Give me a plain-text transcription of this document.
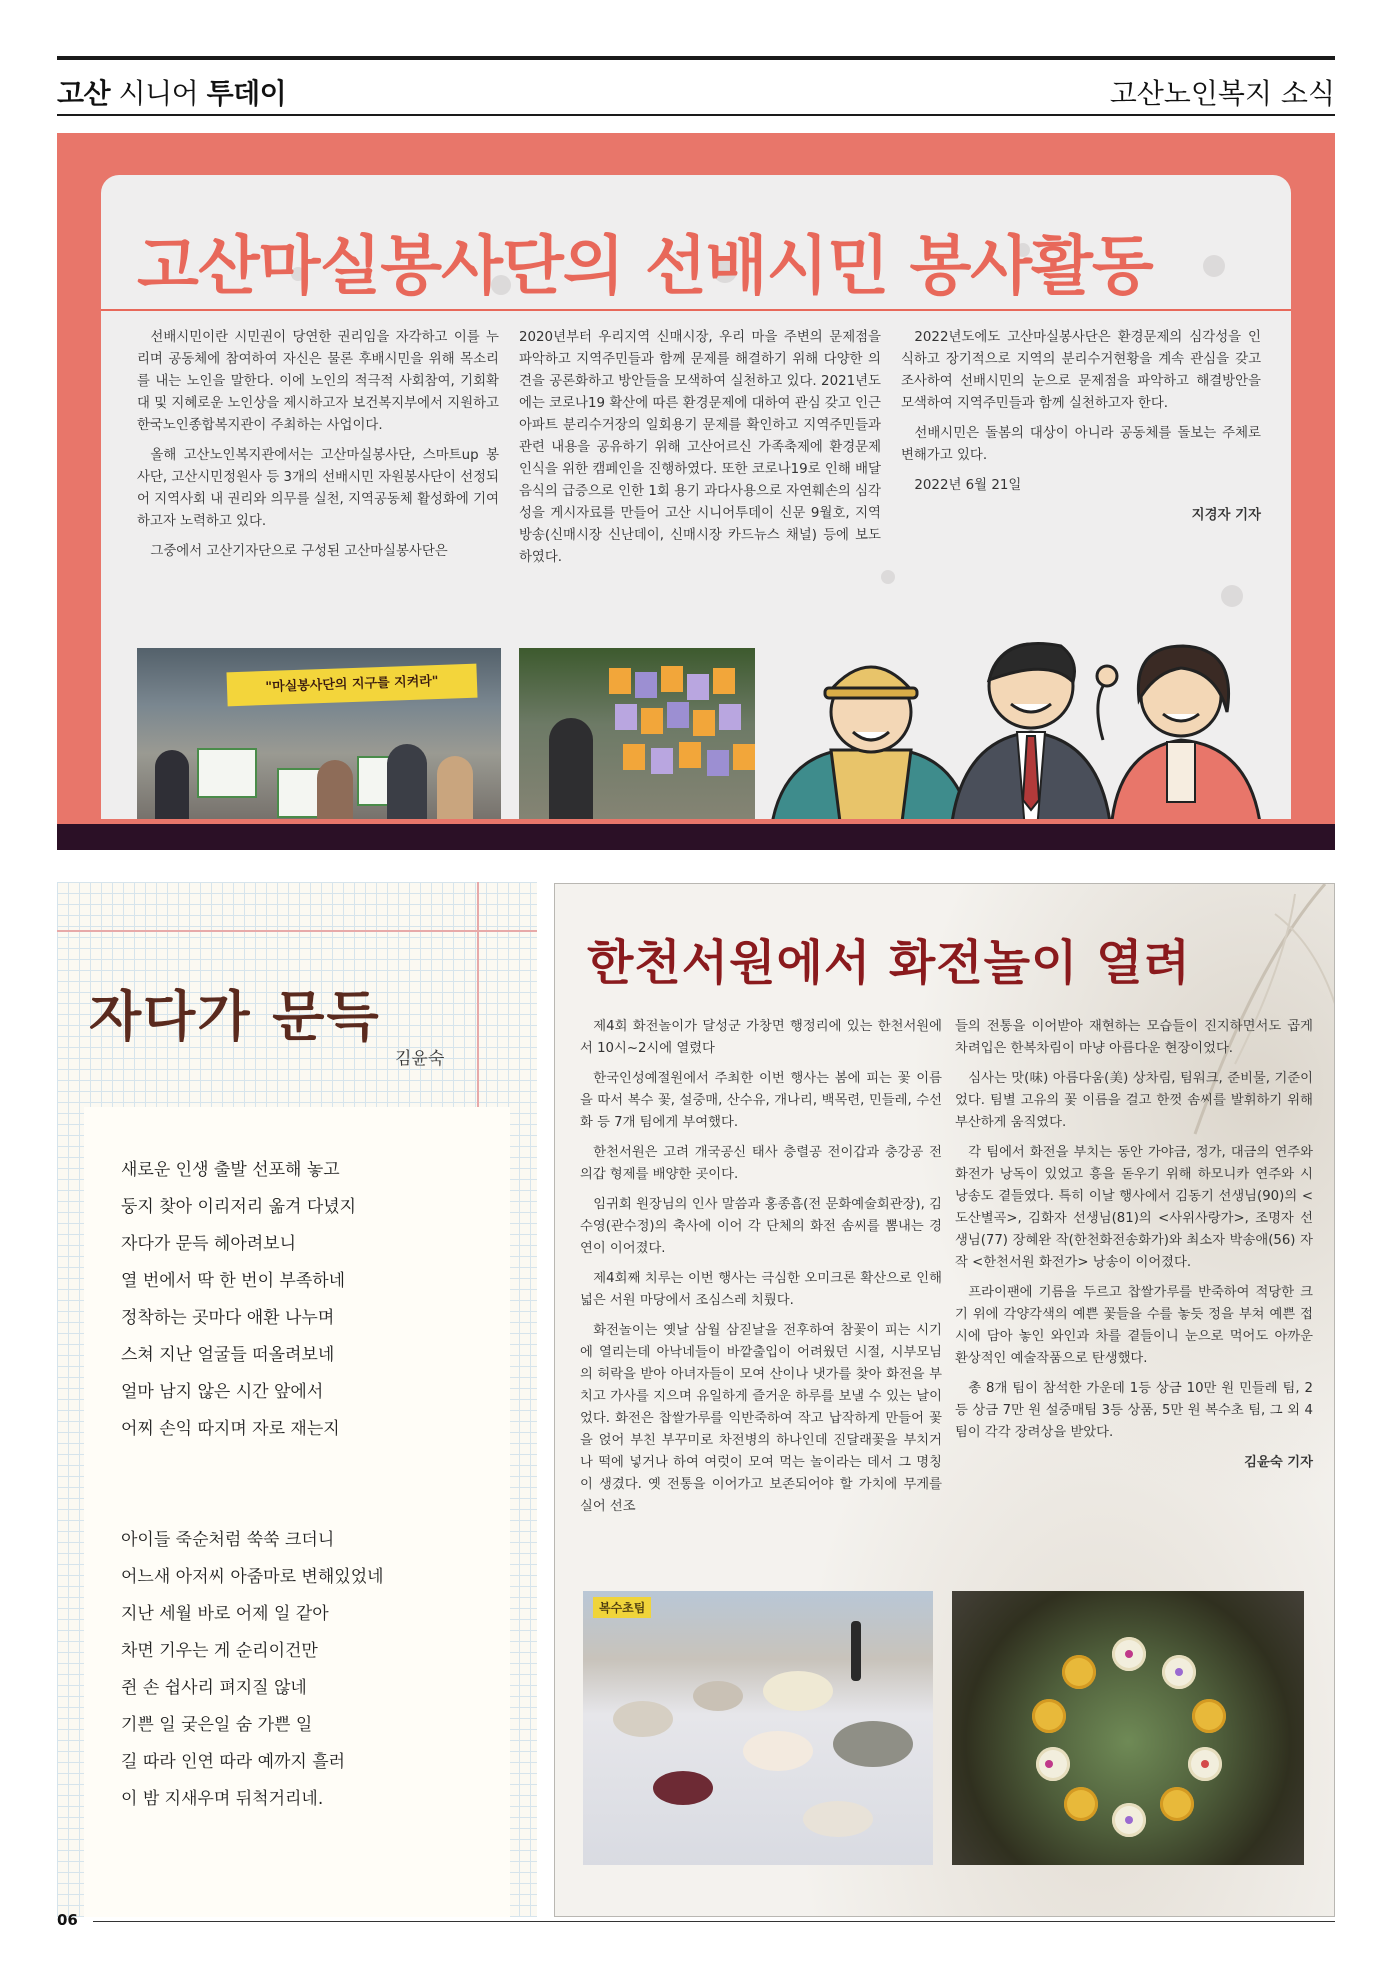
고산 시니어 투데이	고산노인복지 소식
고산마실봉사단의 선배시민 봉사활동

선배시민이란 시민권이 당연한 권리임을 자각하고 이를 누리며 공동체에 참여하여 자신은 물론 후배시민을 위해 목소리를 내는 노인을 말한다. 이에 노인의 적극적 사회참여, 기회확대 및 지혜로운 노인상을 제시하고자 보건복지부에서 지원하고 한국노인종합복지관이 주최하는 사업이다.

올해 고산노인복지관에서는 고산마실봉사단, 스마트up 봉사단, 고산시민정원사 등 3개의 선배시민 자원봉사단이 선정되어 지역사회 내 권리와 의무를 실천, 지역공동체 활성화에 기여하고자 노력하고 있다.

그중에서 고산기자단으로 구성된 고산마실봉사단은

2020년부터 우리지역 신매시장, 우리 마을 주변의 문제점을 파악하고 지역주민들과 함께 문제를 해결하기 위해 다양한 의견을 공론화하고 방안들을 모색하여 실천하고 있다. 2021년도에는 코로나19 확산에 따른 환경문제에 대하여 관심 갖고 인근아파트 분리수거장의 일회용기 문제를 확인하고 지역주민들과 관련 내용을 공유하기 위해 고산어르신 가족축제에 환경문제 인식을 위한 캠페인을 진행하였다. 또한 코로나19로 인해 배달음식의 급증으로 인한 1회 용기 과다사용으로 자연훼손의 심각성을 게시자료를 만들어 고산 시니어투데이 신문 9월호, 지역방송(신매시장 신난데이, 신매시장 카드뉴스 채널) 등에 보도하였다.

2022년도에도 고산마실봉사단은 환경문제의 심각성을 인식하고 장기적으로 지역의 분리수거현황을 계속 관심을 갖고 조사하여 선배시민의 눈으로 문제점을 파악하고 해결방안을 모색하여 지역주민들과 함께 실천하고자 한다.

선배시민은 돌봄의 대상이 아니라 공동체를 돌보는 주체로 변해가고 있다.

2022년 6월 21일

지경자 기자

"마실봉사단의 지구를 지켜라"
자다가 문득
김윤숙
새로운 인생 출발 선포해 놓고
둥지 찾아 이리저리 옮겨 다녔지
자다가 문득 헤아려보니
열 번에서 딱 한 번이 부족하네
정착하는 곳마다 애환 나누며
스쳐 지난 얼굴들 떠올려보네
얼마 남지 않은 시간 앞에서
어찌 손익 따지며 자로 재는지
아이들 죽순처럼 쑥쑥 크더니
어느새 아저씨 아줌마로 변해있었네
지난 세월 바로 어제 일 같아
차면 기우는 게 순리이건만
쥔 손 쉽사리 펴지질 않네
기쁜 일 궂은일 숨 가쁜 일
길 따라 인연 따라 예까지 흘러
이 밤 지새우며 뒤척거리네.
한천서원에서 화전놀이 열려

제4회 화전놀이가 달성군 가창면 행정리에 있는 한천서원에서 10시~2시에 열렸다

한국인성예절원에서 주최한 이번 행사는 봄에 피는 꽃 이름을 따서 복수 꽃, 설중매, 산수유, 개나리, 백목련, 민들레, 수선화 등 7개 팀에게 부여했다.

한천서원은 고려 개국공신 태사 충렬공 전이갑과 충강공 전의갑 형제를 배양한 곳이다.

임귀회 원장님의 인사 말씀과 홍종흠(전 문화예술회관장), 김수영(관수정)의 축사에 이어 각 단체의 화전 솜씨를 뽐내는 경연이 이어졌다.

제4회째 치루는 이번 행사는 극심한 오미크론 확산으로 인해 넓은 서원 마당에서 조심스레 치뤘다.

화전놀이는 옛날 삼월 삼짇날을 전후하여 참꽃이 피는 시기에 열리는데 아낙네들이 바깥출입이 어려웠던 시절, 시부모님의 허락을 받아 아녀자들이 모여 산이나 냇가를 찾아 화전을 부치고 가사를 지으며 유일하게 즐거운 하루를 보낼 수 있는 날이었다. 화전은 찹쌀가루를 익반죽하여 작고 납작하게 만들어 꽃을 얹어 부친 부꾸미로 차전병의 하나인데 진달래꽃을 부치거나 떡에 넣거나 하여 여럿이 모여 먹는 놀이라는 데서 그 명칭이 생겼다. 옛 전통을 이어가고 보존되어야 할 가치에 무게를 실어 선조

들의 전통을 이어받아 재현하는 모습들이 진지하면서도 곱게 차려입은 한복차림이 마냥 아름다운 현장이었다.

심사는 맛(味) 아름다움(美) 상차림, 팀워크, 준비물, 기준이었다. 팀별 고유의 꽃 이름을 걸고 한껏 솜씨를 발휘하기 위해 부산하게 움직였다.

각 팀에서 화전을 부치는 동안 가야금, 정가, 대금의 연주와 화전가 낭독이 있었고 흥을 돋우기 위해 하모니카 연주와 시 낭송도 곁들였다. 특히 이날 행사에서 김동기 선생님(90)의 <도산별곡>, 김화자 선생님(81)의 <사위사랑가>, 조명자 선생님(77) 장혜완 작(한천화전송화가)와 최소자 박송애(56) 자작 <한천서원 화전가> 낭송이 이어졌다.

프라이팬에 기름을 두르고 찹쌀가루를 반죽하여 적당한 크기 위에 각양각색의 예쁜 꽃들을 수를 놓듯 정을 부쳐 예쁜 접시에 담아 놓인 와인과 차를 곁들이니 눈으로 먹어도 아까운 환상적인 예술작품으로 탄생했다.

총 8개 팀이 참석한 가운데 1등 상금 10만 원 민들레 팀, 2등 상금 7만 원 설중매팀 3등 상품, 5만 원 복수초 팀, 그 외 4팀이 각각 장려상을 받았다.

김윤숙 기자

복수초팀
06
